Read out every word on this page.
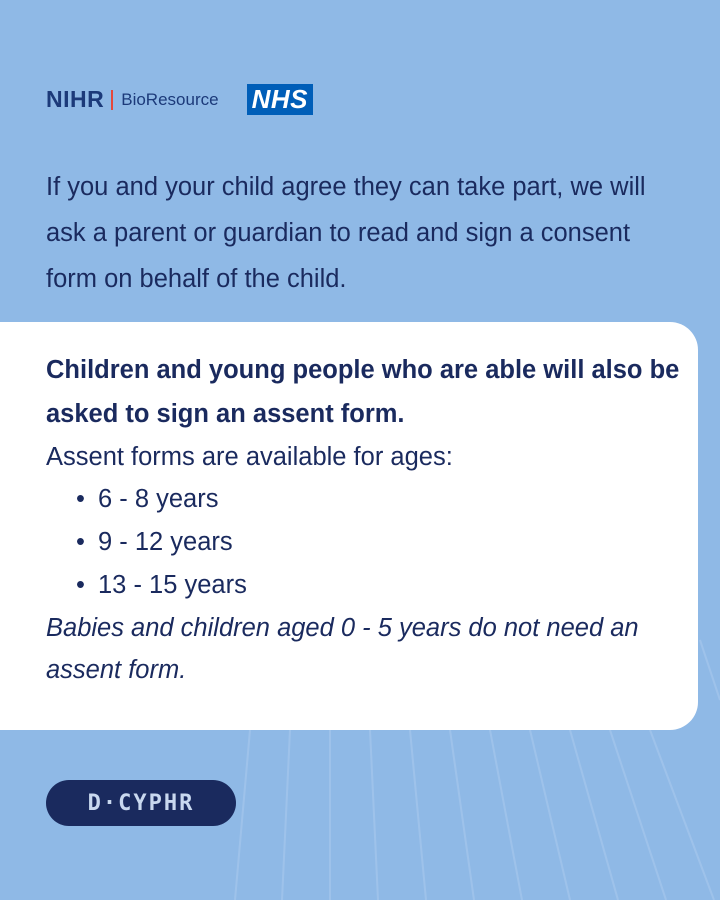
NIHR BioResource NHS
If you and your child agree they can take part, we will ask a parent or guardian to read and sign a consent form on behalf of the child.
Children and young people who are able will also be asked to sign an assent form.
Assent forms are available for ages:
• 6 - 8 years
• 9 - 12 years
• 13 - 15 years
Babies and children aged 0 - 5 years do not need an assent form.
D·CYPHR
